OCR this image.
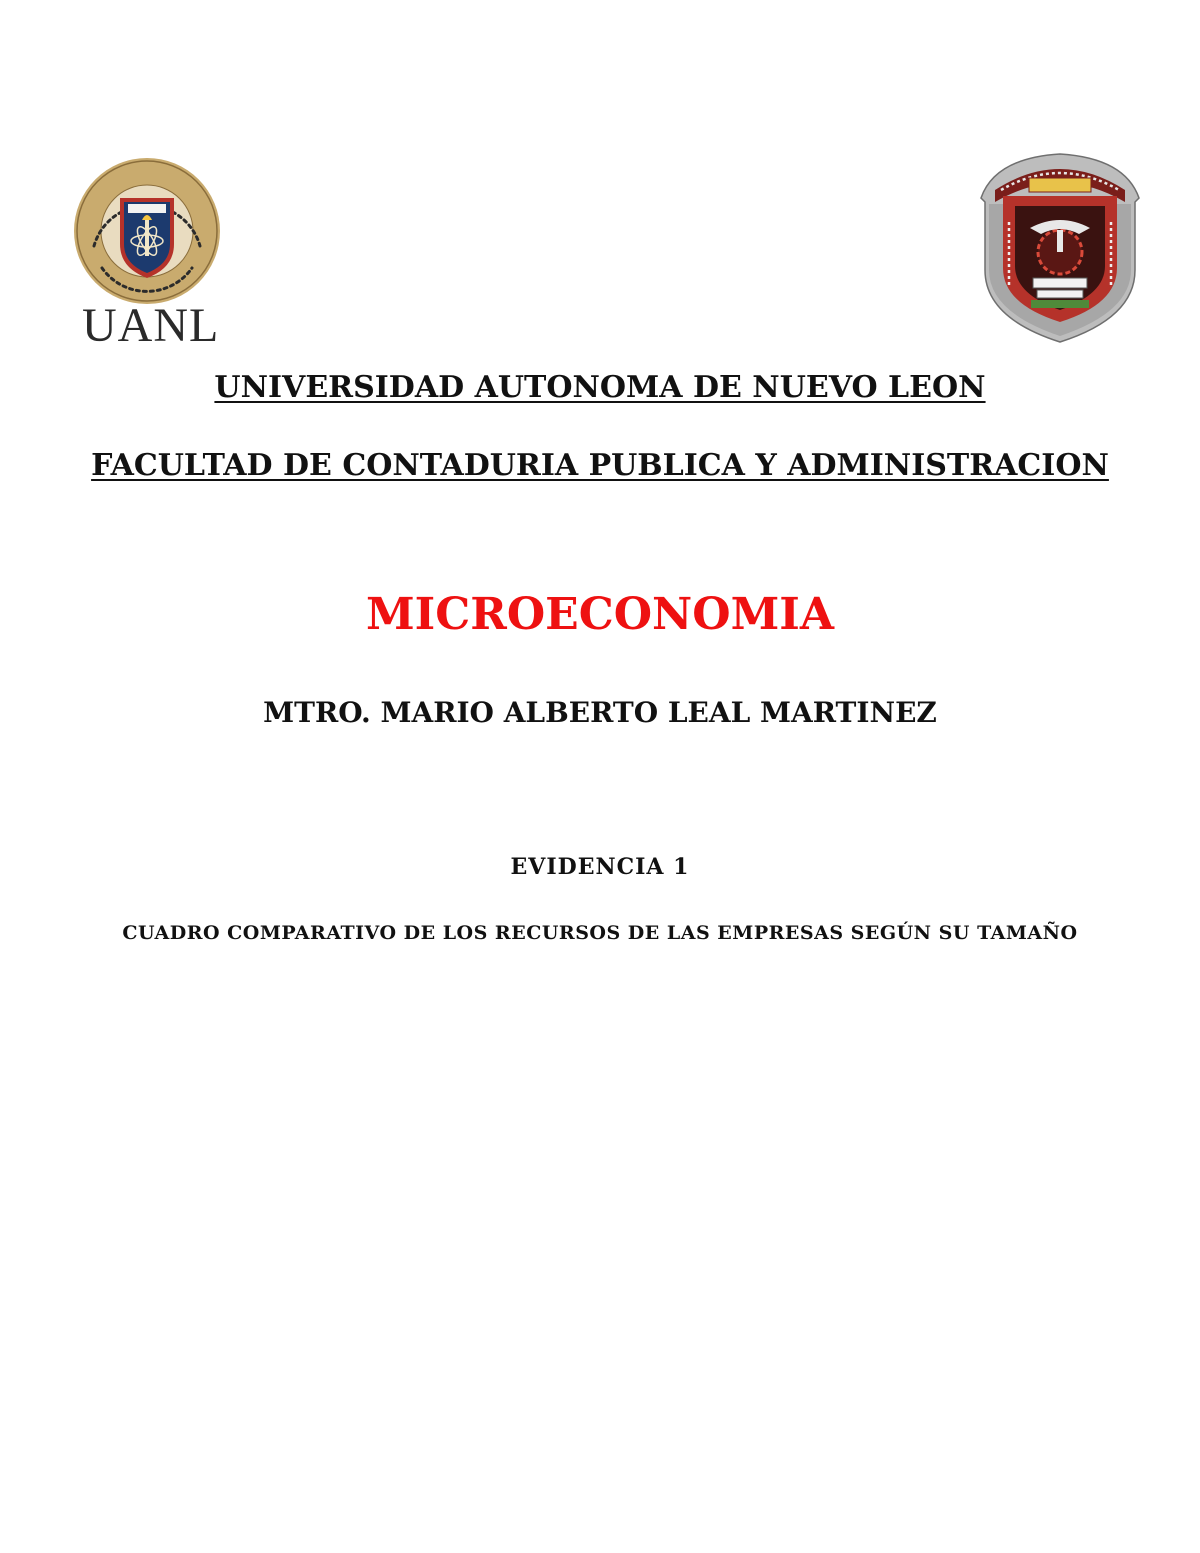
UANL
UNIVERSIDAD AUTONOMA DE NUEVO LEON
FACULTAD DE CONTADURIA PUBLICA Y ADMINISTRACION
MICROECONOMIA
MTRO. MARIO ALBERTO LEAL MARTINEZ
EVIDENCIA 1
CUADRO COMPARATIVO DE LOS RECURSOS DE LAS EMPRESAS SEGÚN SU TAMAÑO
